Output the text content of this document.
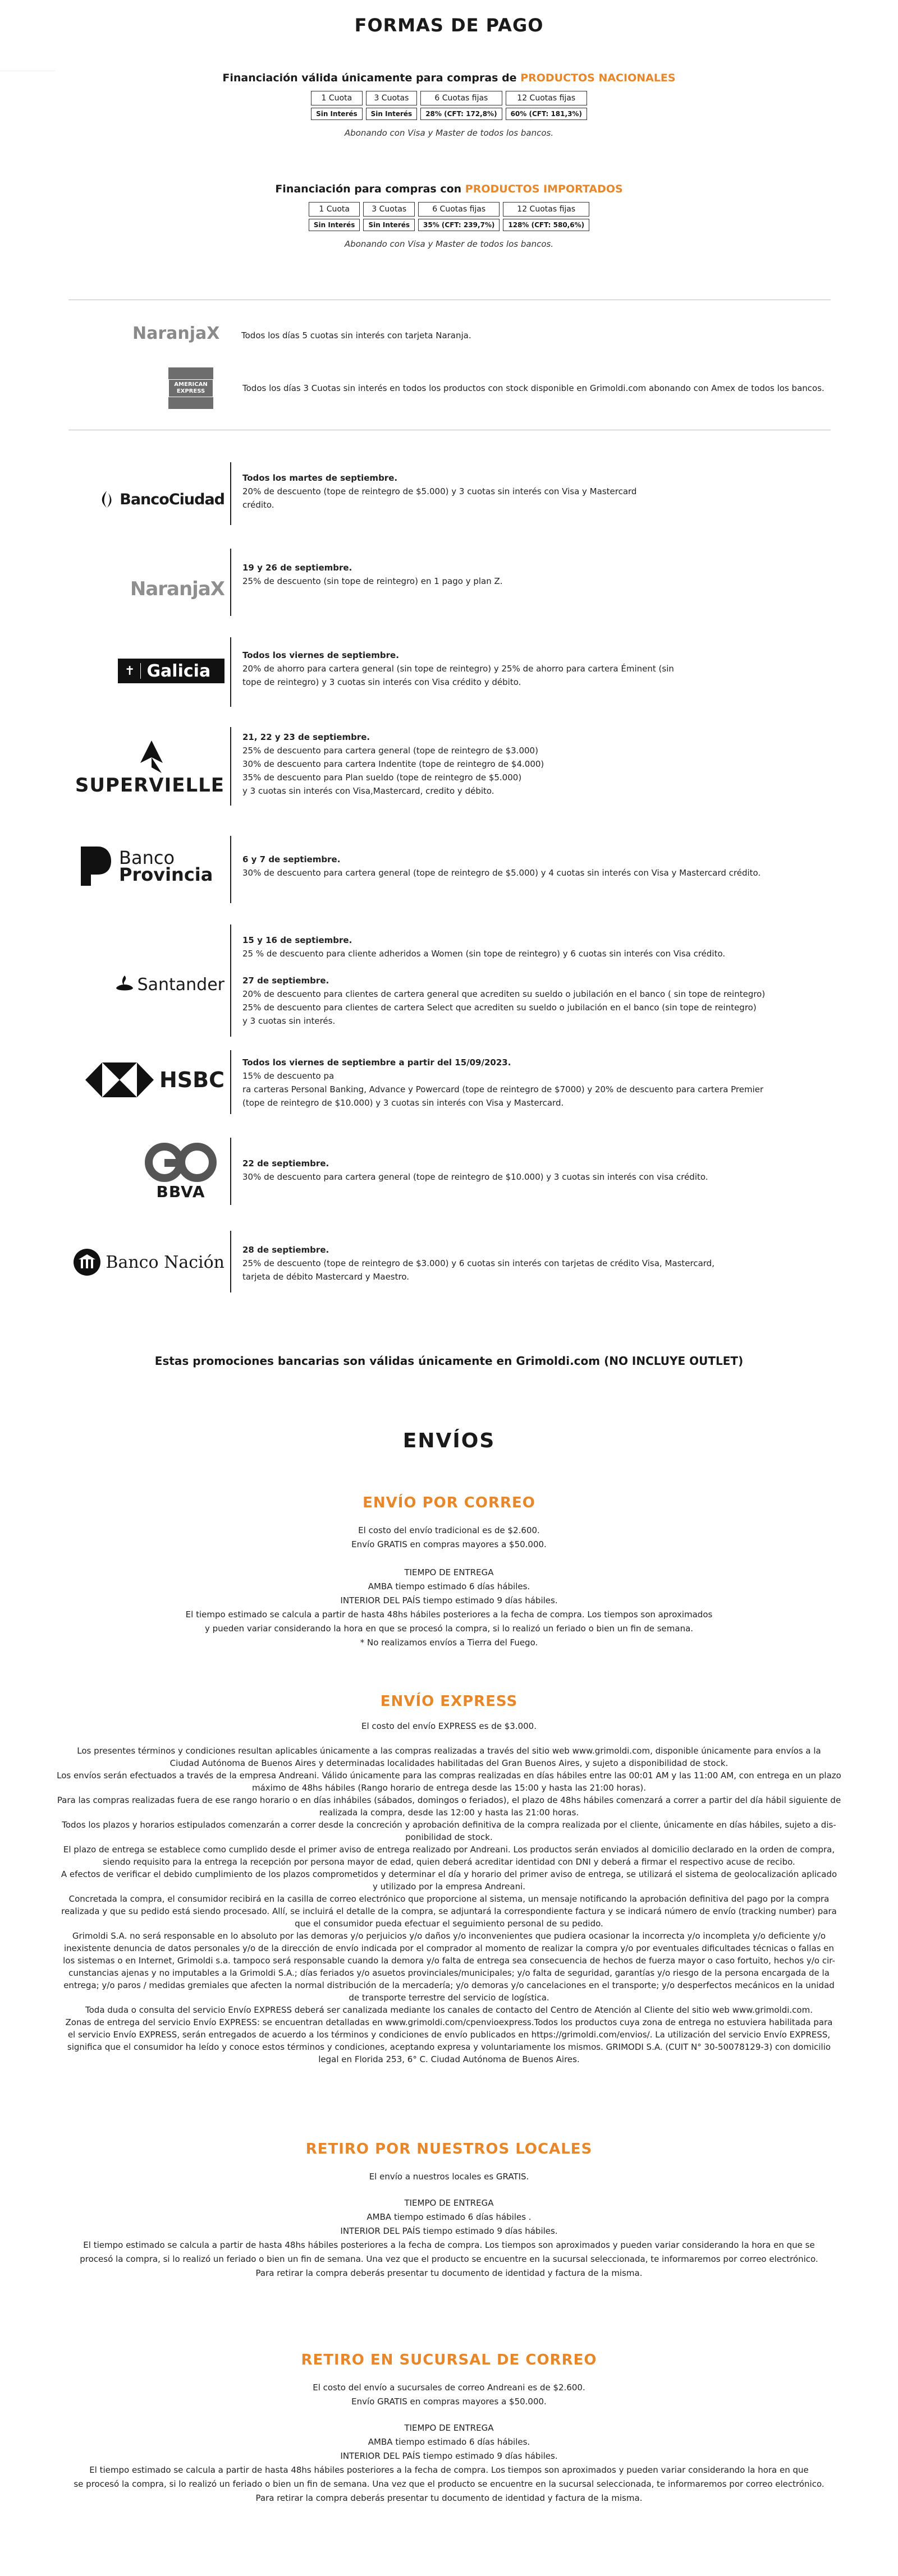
FORMAS DE PAGO

Financiación válida únicamente para compras de PRODUCTOS NACIONALES

1 Cuota	3 Cuotas	6 Cuotas fijas	12 Cuotas fijas
Sin Interés	Sin Interés	28% (CFT: 172,8%)	60% (CFT: 181,3%)

Abonando con Visa y Master de todos los bancos.

Financiación para compras con PRODUCTOS IMPORTADOS

1 Cuota	3 Cuotas	6 Cuotas fijas	12 Cuotas fijas
Sin Interés	Sin Interés	35% (CFT: 239,7%)	128% (CFT: 580,6%)

Abonando con Visa y Master de todos los bancos.

NaranjaX	Todos los días 5 cuotas sin interés con tarjeta Naranja.
AMERICAN EXPRESS	Todos los días 3 Cuotas sin interés en todos los productos con stock disponible en Grimoldi.com abonando con Amex de todos los bancos.
BancoCiudad
Todos los martes de septiembre.
20% de descuento (tope de reintegro de $5.000) y 3 cuotas sin interés con Visa y Mastercard
crédito.
NaranjaX
19 y 26 de septiembre.
25% de descuento (sin tope de reintegro) en 1 pago y plan Z.
✝ Galicia
Todos los viernes de septiembre.
20% de ahorro para cartera general (sin tope de reintegro) y 25% de ahorro para cartera Éminent (sin
tope de reintegro) y 3 cuotas sin interés con Visa crédito y débito.
SUPERVIELLE
21, 22 y 23 de septiembre.
25% de descuento para cartera general (tope de reintegro de $3.000)
30% de descuento para cartera Indentite (tope de reintegro de $4.000)
35% de descuento para Plan sueldo (tope de reintegro de $5.000)
y 3 cuotas sin interés con Visa,Mastercard, credito y débito.
Banco
Provincia
6 y 7 de septiembre.
30% de descuento para cartera general (tope de reintegro de $5.000) y 4 cuotas sin interés con Visa y Mastercard crédito.
Santander
15 y 16 de septiembre.
25 % de descuento para cliente adheridos a Women (sin tope de reintegro) y 6 cuotas sin interés con Visa crédito.
27 de septiembre.
20% de descuento para clientes de cartera general que acrediten su sueldo o jubilación en el banco ( sin tope de reintegro)
25% de descuento para clientes de cartera Select que acrediten su sueldo o jubilación en el banco (sin tope de reintegro)
y 3 cuotas sin interés.
HSBC
Todos los viernes de septiembre a partir del 15/09/2023.
15% de descuento pa
ra carteras Personal Banking, Advance y Powercard (tope de reintegro de $7000) y 20% de descuento para cartera Premier
(tope de reintegro de $10.000) y 3 cuotas sin interés con Visa y Mastercard.
BBVA
22 de septiembre.
30% de descuento para cartera general (tope de reintegro de $10.000) y 3 cuotas sin interés con visa crédito.
Banco Nación
28 de septiembre.
25% de descuento (tope de reintegro de $3.000) y 6 cuotas sin interés con tarjetas de crédito Visa, Mastercard,
tarjeta de débito Mastercard y Maestro.
Estas promociones bancarias son válidas únicamente en Grimoldi.com (NO INCLUYE OUTLET)

ENVÍOS

ENVÍO POR CORREO

El costo del envío tradicional es de $2.600.

Envío GRATIS en compras mayores a $50.000.

TIEMPO DE ENTREGA

AMBA tiempo estimado 6 días hábiles.

INTERIOR DEL PAÍS tiempo estimado 9 días hábiles.

El tiempo estimado se calcula a partir de hasta 48hs hábiles posteriores a la fecha de compra. Los tiempos son aproximados

y pueden variar considerando la hora en que se procesó la compra, si lo realizó un feriado o bien un fin de semana.

* No realizamos envíos a Tierra del Fuego.

ENVÍO EXPRESS

El costo del envío EXPRESS es de $3.000.

Los presentes términos y condiciones resultan aplicables únicamente a las compras realizadas a través del sitio web www.grimoldi.com, disponible únicamente para envíos a la

Ciudad Autónoma de Buenos Aires y determinadas localidades habilitadas del Gran Buenos Aires, y sujeto a disponibilidad de stock.

Los envíos serán efectuados a través de la empresa Andreani. Válido únicamente para las compras realizadas en días hábiles entre las 00:01 AM y las 11:00 AM, con entrega en un plazo

máximo de 48hs hábiles (Rango horario de entrega desde las 15:00 y hasta las 21:00 horas).

Para las compras realizadas fuera de ese rango horario o en días inhábiles (sábados, domingos o feriados), el plazo de 48hs hábiles comenzará a correr a partir del día hábil siguiente de

realizada la compra, desde las 12:00 y hasta las 21:00 horas.

Todos los plazos y horarios estipulados comenzarán a correr desde la concreción y aprobación definitiva de la compra realizada por el cliente, únicamente en días hábiles, sujeto a dis-

ponibilidad de stock.

El plazo de entrega se establece como cumplido desde el primer aviso de entrega realizado por Andreani. Los productos serán enviados al domicilio declarado en la orden de compra,

siendo requisito para la entrega la recepción por persona mayor de edad, quien deberá acreditar identidad con DNI y deberá a firmar el respectivo acuse de recibo.

A efectos de verificar el debido cumplimiento de los plazos comprometidos y determinar el día y horario del primer aviso de entrega, se utilizará el sistema de geolocalización aplicado

y utilizado por la empresa Andreani.

Concretada la compra, el consumidor recibirá en la casilla de correo electrónico que proporcione al sistema, un mensaje notificando la aprobación definitiva del pago por la compra

realizada y que su pedido está siendo procesado. Allí, se incluirá el detalle de la compra, se adjuntará la correspondiente factura y se indicará número de envío (tracking number) para

que el consumidor pueda efectuar el seguimiento personal de su pedido.

Grimoldi S.A. no será responsable en lo absoluto por las demoras y/o perjuicios y/o daños y/o inconvenientes que pudiera ocasionar la incorrecta y/o incompleta y/o deficiente y/o

inexistente denuncia de datos personales y/o de la dirección de envío indicada por el comprador al momento de realizar la compra y/o por eventuales dificultades técnicas o fallas en

los sistemas o en Internet, Grimoldi s.a. tampoco será responsable cuando la demora y/o falta de entrega sea consecuencia de hechos de fuerza mayor o caso fortuito, hechos y/o cir-

cunstancias ajenas y no imputables a la Grimoldi S.A.; días feriados y/o asuetos provinciales/municipales; y/o falta de seguridad, garantías y/o riesgo de la persona encargada de la

entrega; y/o paros / medidas gremiales que afecten la normal distribución de la mercadería; y/o demoras y/o cancelaciones en el transporte; y/o desperfectos mecánicos en la unidad

de transporte terrestre del servicio de logística.

Toda duda o consulta del servicio Envío EXPRESS deberá ser canalizada mediante los canales de contacto del Centro de Atención al Cliente del sitio web www.grimoldi.com.

Zonas de entrega del servicio Envío EXPRESS: se encuentran detalladas en www.grimoldi.com/cpenvioexpress.Todos los productos cuya zona de entrega no estuviera habilitada para

el servicio Envío EXPRESS, serán entregados de acuerdo a los términos y condiciones de envío publicados en https://grimoldi.com/envios/. La utilización del servicio Envío EXPRESS,

significa que el consumidor ha leído y conoce estos términos y condiciones, aceptando expresa y voluntariamente los mismos. GRIMODI S.A. (CUIT N° 30-50078129-3) con domicilio

legal en Florida 253, 6° C. Ciudad Autónoma de Buenos Aires.

RETIRO POR NUESTROS LOCALES

El envío a nuestros locales es GRATIS.

TIEMPO DE ENTREGA

AMBA tiempo estimado 6 días hábiles .

INTERIOR DEL PAÍS tiempo estimado 9 días hábiles.

El tiempo estimado se calcula a partir de hasta 48hs hábiles posteriores a la fecha de compra. Los tiempos son aproximados y pueden variar considerando la hora en que se

procesó la compra, si lo realizó un feriado o bien un fin de semana. Una vez que el producto se encuentre en la sucursal seleccionada, te informaremos por correo electrónico.

Para retirar la compra deberás presentar tu documento de identidad y factura de la misma.

RETIRO EN SUCURSAL DE CORREO

El costo del envío a sucursales de correo Andreani es de $2.600.

Envío GRATIS en compras mayores a $50.000.

TIEMPO DE ENTREGA

AMBA tiempo estimado 6 días hábiles.

INTERIOR DEL PAÍS tiempo estimado 9 días hábiles.

El tiempo estimado se calcula a partir de hasta 48hs hábiles posteriores a la fecha de compra. Los tiempos son aproximados y pueden variar considerando la hora en que

se procesó la compra, si lo realizó un feriado o bien un fin de semana. Una vez que el producto se encuentre en la sucursal seleccionada, te informaremos por correo electrónico.

Para retirar la compra deberás presentar tu documento de identidad y factura de la misma.
